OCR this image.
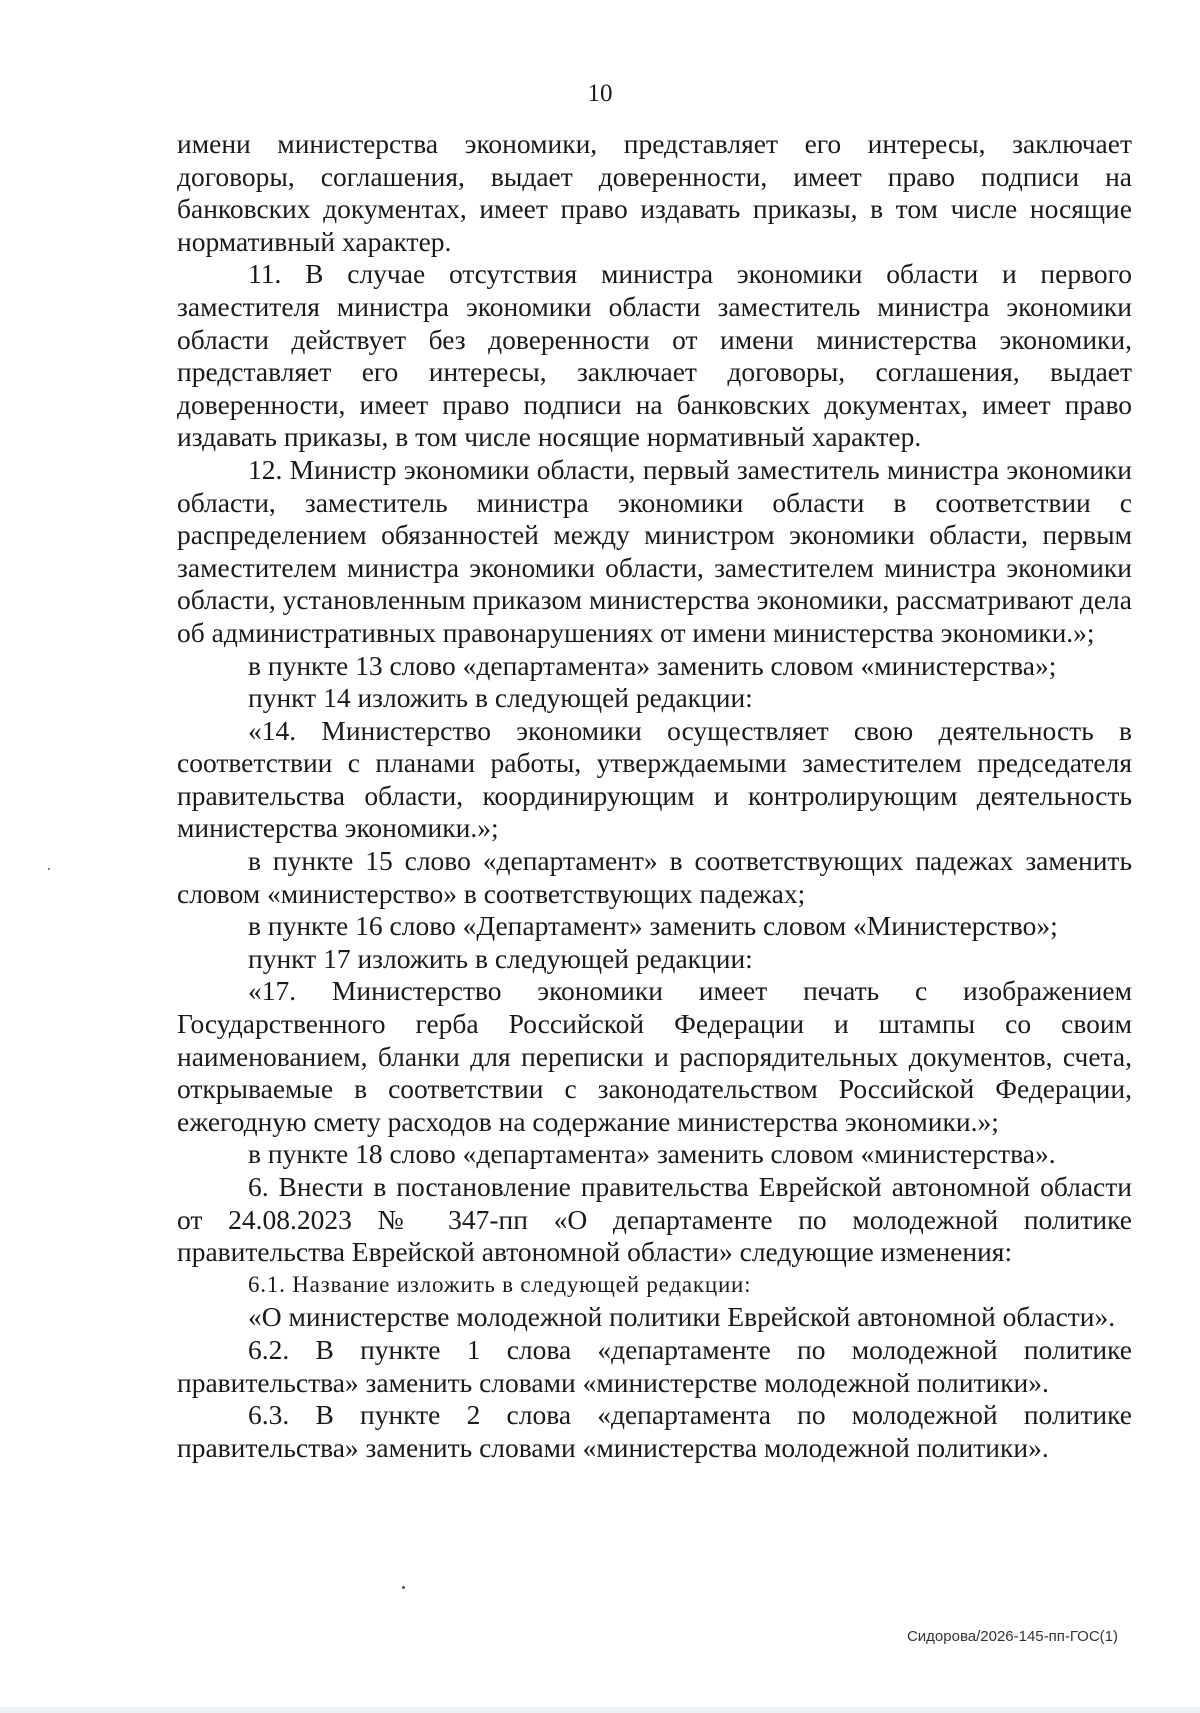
10

имени министерства экономики, представляет его интересы, заключает договоры, соглашения, выдает доверенности, имеет право подписи на банковских документах, имеет право издавать приказы, в том числе носящие нормативный характер.

11. В случае отсутствия министра экономики области и первого заместителя министра экономики области заместитель министра экономики области действует без доверенности от имени министерства экономики, представляет его интересы, заключает договоры, соглашения, выдает доверенности, имеет право подписи на банковских документах, имеет право издавать приказы, в том числе носящие нормативный характер.

12. Министр экономики области, первый заместитель министра экономики области, заместитель министра экономики области в соответствии с распределением обязанностей между министром экономики области, первым заместителем министра экономики области, заместителем министра экономики области, установленным приказом министерства экономики, рассматривают дела об административных правонарушениях от имени министерства экономики.»;

в пункте 13 слово «департамента» заменить словом «министерства»;

пункт 14 изложить в следующей редакции:

«14. Министерство экономики осуществляет свою деятельность в соответствии с планами работы, утверждаемыми заместителем председателя правительства области, координирующим и контролирующим деятельность министерства экономики.»;

в пункте 15 слово «департамент» в соответствующих падежах заменить словом «министерство» в соответствующих падежах;

в пункте 16 слово «Департамент» заменить словом «Министерство»;

пункт 17 изложить в следующей редакции:

«17. Министерство экономики имеет печать с изображением Государственного герба Российской Федерации и штампы со своим наименованием, бланки для переписки и распорядительных документов, счета, открываемые в соответствии с законодательством Российской Федерации, ежегодную смету расходов на содержание министерства экономики.»;

в пункте 18 слово «департамента» заменить словом «министерства».

6. Внести в постановление правительства Еврейской автономной области от 24.08.2023 № 347-пп «О департаменте по молодежной политике правительства Еврейской автономной области» следующие изменения:

6.1. Название изложить в следующей редакции:

«О министерстве молодежной политики Еврейской автономной области».

6.2. В пункте 1 слова «департаменте по молодежной политике правительства» заменить словами «министерстве молодежной политики».

6.3. В пункте 2 слова «департамента по молодежной политике правительства» заменить словами «министерства молодежной политики».

Сидорова/2026-145-пп-ГОС(1)
